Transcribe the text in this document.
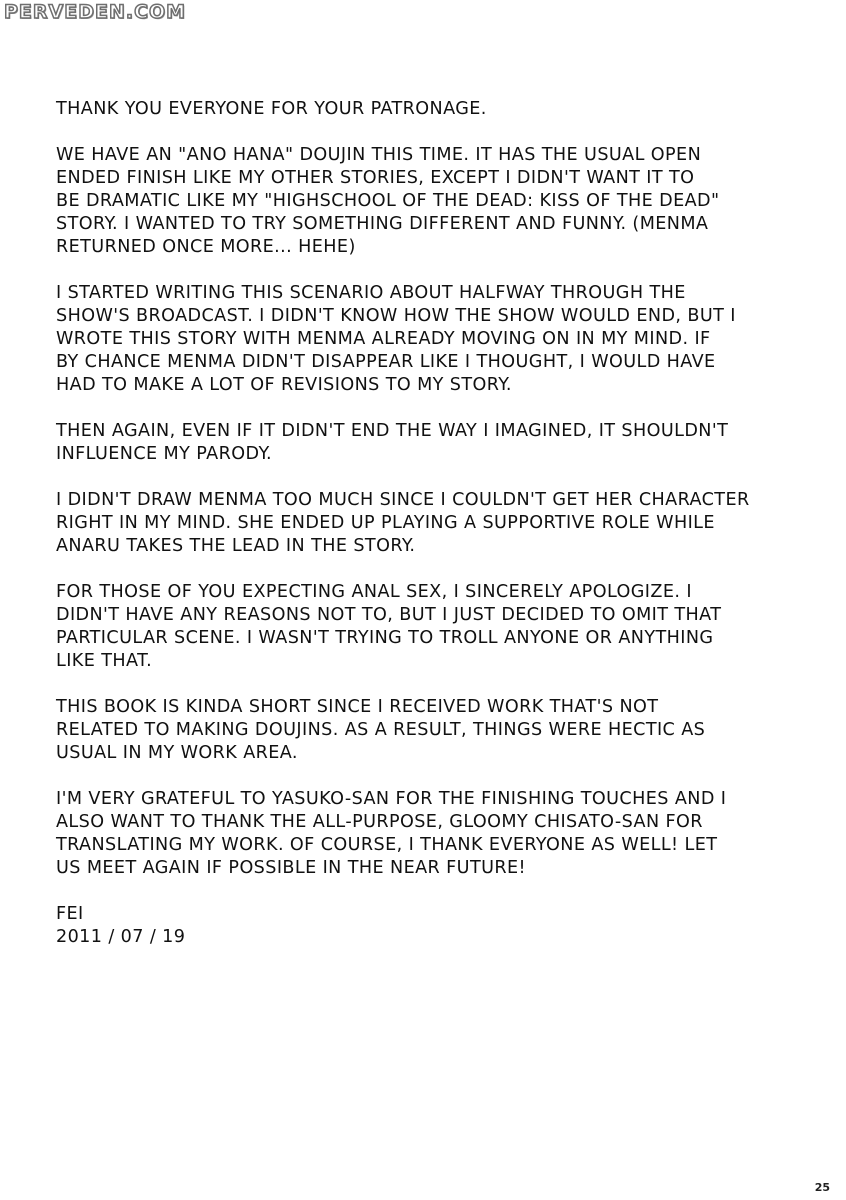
PERVEDEN.COM
THANK YOU EVERYONE FOR YOUR PATRONAGE.
WE HAVE AN "ANO HANA" DOUJIN THIS TIME. IT HAS THE USUAL OPEN
ENDED FINISH LIKE MY OTHER STORIES, EXCEPT I DIDN'T WANT IT TO
BE DRAMATIC LIKE MY "HIGHSCHOOL OF THE DEAD: KISS OF THE DEAD"
STORY. I WANTED TO TRY SOMETHING DIFFERENT AND FUNNY. (MENMA
RETURNED ONCE MORE... HEHE)
I STARTED WRITING THIS SCENARIO ABOUT HALFWAY THROUGH THE
SHOW'S BROADCAST. I DIDN'T KNOW HOW THE SHOW WOULD END, BUT I
WROTE THIS STORY WITH MENMA ALREADY MOVING ON IN MY MIND. IF
BY CHANCE MENMA DIDN'T DISAPPEAR LIKE I THOUGHT, I WOULD HAVE
HAD TO MAKE A LOT OF REVISIONS TO MY STORY.
THEN AGAIN, EVEN IF IT DIDN'T END THE WAY I IMAGINED, IT SHOULDN'T
INFLUENCE MY PARODY.
I DIDN'T DRAW MENMA TOO MUCH SINCE I COULDN'T GET HER CHARACTER
RIGHT IN MY MIND. SHE ENDED UP PLAYING A SUPPORTIVE ROLE WHILE
ANARU TAKES THE LEAD IN THE STORY.
FOR THOSE OF YOU EXPECTING ANAL SEX, I SINCERELY APOLOGIZE. I
DIDN'T HAVE ANY REASONS NOT TO, BUT I JUST DECIDED TO OMIT THAT
PARTICULAR SCENE. I WASN'T TRYING TO TROLL ANYONE OR ANYTHING
LIKE THAT.
THIS BOOK IS KINDA SHORT SINCE I RECEIVED WORK THAT'S NOT
RELATED TO MAKING DOUJINS. AS A RESULT, THINGS WERE HECTIC AS
USUAL IN MY WORK AREA.
I'M VERY GRATEFUL TO YASUKO-SAN FOR THE FINISHING TOUCHES AND I
ALSO WANT TO THANK THE ALL-PURPOSE, GLOOMY CHISATO-SAN FOR
TRANSLATING MY WORK. OF COURSE, I THANK EVERYONE AS WELL! LET
US MEET AGAIN IF POSSIBLE IN THE NEAR FUTURE!
FEI
2011 / 07 / 19
25
